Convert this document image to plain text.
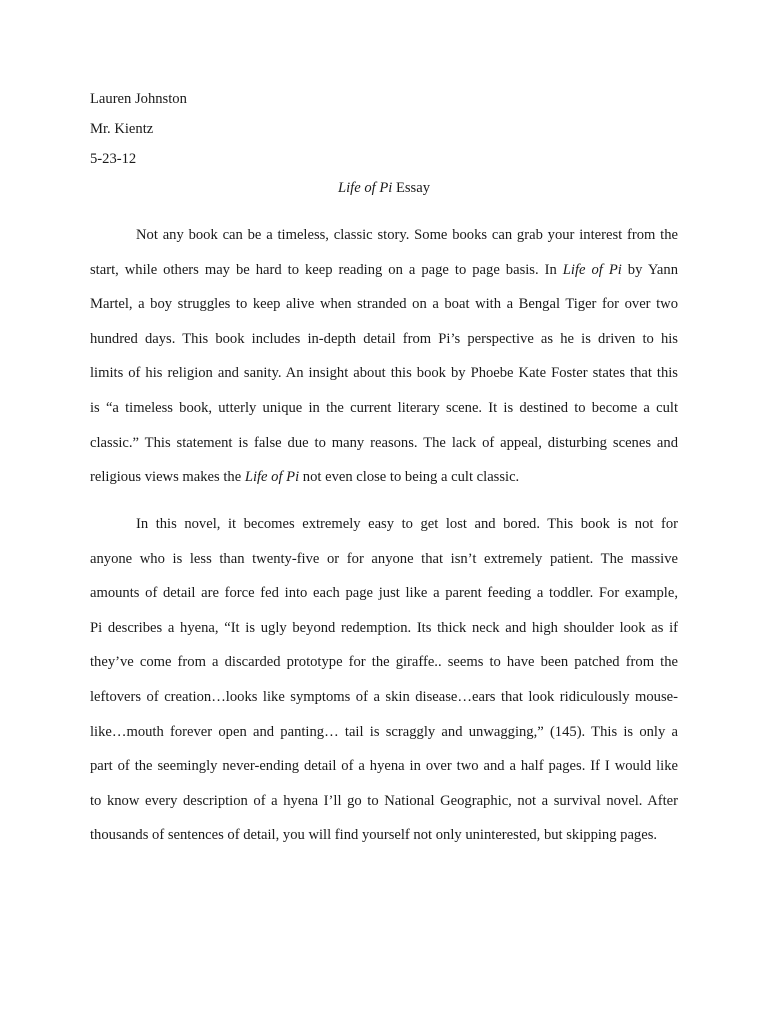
Lauren Johnston
Mr. Kientz
5-23-12
Life of Pi Essay
Not any book can be a timeless, classic story. Some books can grab your interest from the
start, while others may be hard to keep reading on a page to page basis. In Life of Pi by Yann
Martel, a boy struggles to keep alive when stranded on a boat with a Bengal Tiger for over two
hundred days. This book includes in-depth detail from Pi’s perspective as he is driven to his
limits of his religion and sanity. An insight about this book by Phoebe Kate Foster states that this
is “a timeless book, utterly unique in the current literary scene. It is destined to become a cult
classic.” This statement is false due to many reasons. The lack of appeal, disturbing scenes and
religious views makes the Life of Pi not even close to being a cult classic.
In this novel, it becomes extremely easy to get lost and bored. This book is not for
anyone who is less than twenty-five or for anyone that isn’t extremely patient. The massive
amounts of detail are force fed into each page just like a parent feeding a toddler. For example,
Pi describes a hyena, “It is ugly beyond redemption. Its thick neck and high shoulder look as if
they’ve come from a discarded prototype for the giraffe.. seems to have been patched from the
leftovers of creation…looks like symptoms of a skin disease…ears that look ridiculously mouse-
like…mouth forever open and panting… tail is scraggly and unwagging,” (145). This is only a
part of the seemingly never-ending detail of a hyena in over two and a half pages. If I would like
to know every description of a hyena I’ll go to National Geographic, not a survival novel. After
thousands of sentences of detail, you will find yourself not only uninterested, but skipping pages.
